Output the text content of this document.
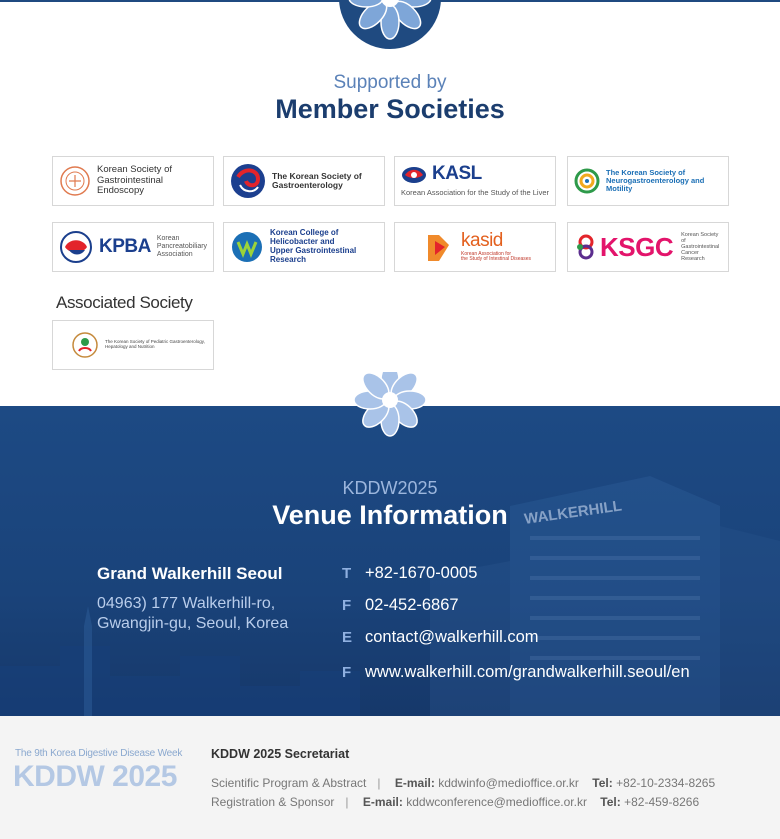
Supported by
Member Societies
Korean Society of
Gastrointestinal Endoscopy
The Korean Society of
Gastroenterology
KASL
Korean Association for the Study of the Liver
The Korean Society of
Neurogastroenterology and Motility
KPBA Korean
Pancreatobiliary
Association
Korean College of Helicobacter and
Upper Gastrointestinal Research
kasid
Korean Association for
the Study of Intestinal Diseases	KSGC Korean Society
of Gastrointestinal
Cancer Research
Associated Society
The Korean Society of Pediatric Gastroenterology,
Hepatology and Nutrition
WALKERHILL
KDDW2025
Venue Information
Grand Walkerhill Seoul
04963) 177 Walkerhill-ro, Gwangjin-gu, Seoul, Korea
T +82-1670-0005
F 02-452-6867
E contact@walkerhill.com
F www.walkerhill.com/grandwalkerhill.seoul/en
The 9th Korea Digestive Disease Week
KDDW 2025
KDDW 2025 Secretariat
Scientific Program & Abstract | E-mail: kddwinfo@medioffice.or.kr Tel: +82-10-2334-8265
Registration & Sponsor | E-mail: kddwconference@medioffice.or.kr Tel: +82-459-8266
